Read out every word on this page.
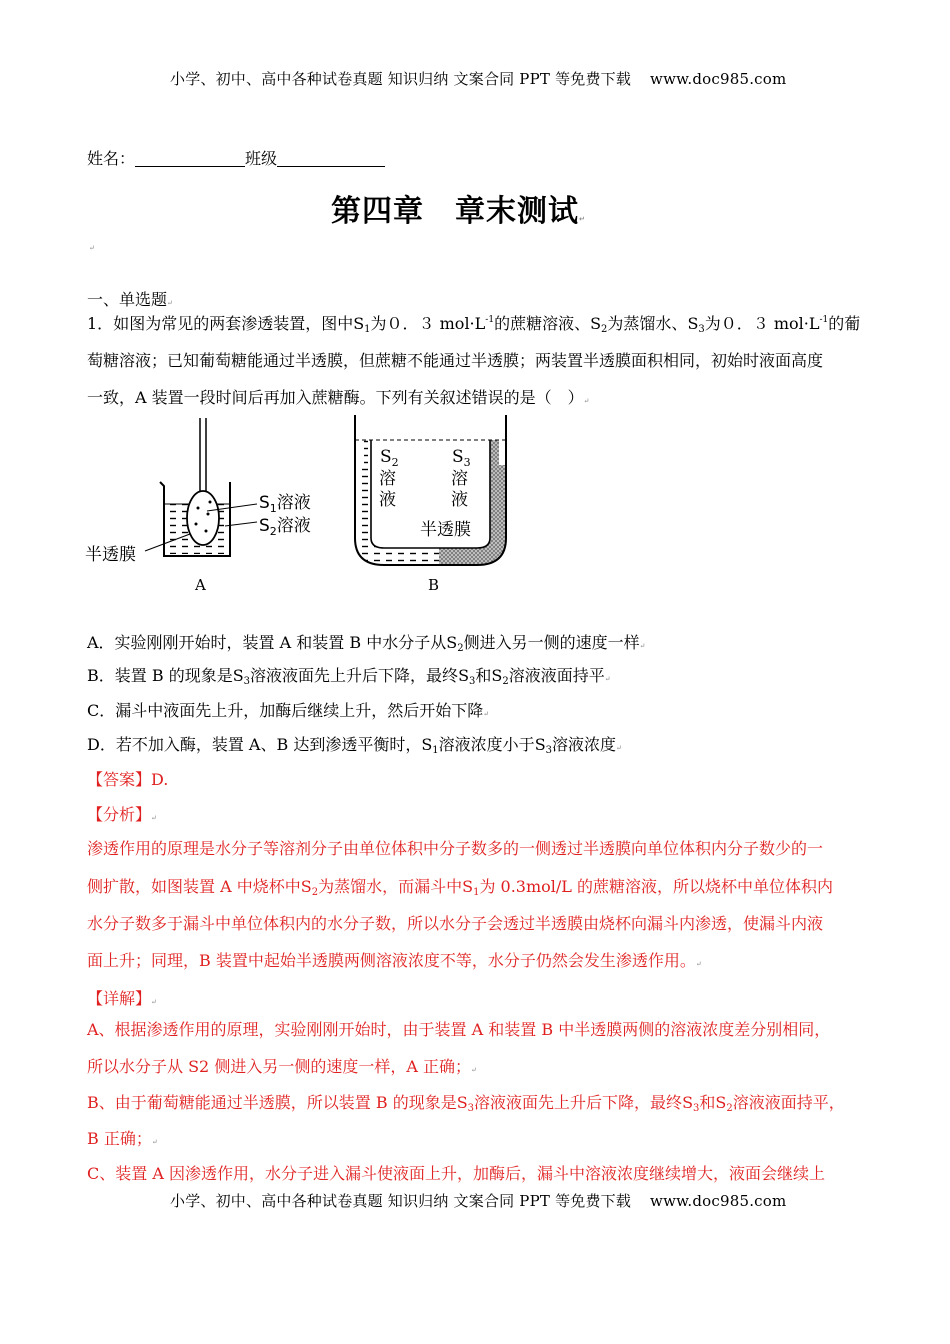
小学、初中、高中各种试卷真题 知识归纳 文案合同 PPT 等免费下载 www.doc985.com
姓名：	班级
第四章　章末测试↵
↵
一、单选题↵
1．如图为常见的两套渗透装置，图中$S_1$为０．３ $mol\cdot L^{-1}$的蔗糖溶液、$S_2$为蒸馏水、$S_3$为０．３ $mol\cdot L^{-1}$的葡
萄糖溶液；已知葡萄糖能通过半透膜，但蔗糖不能通过半透膜；两装置半透膜面积相同，初始时液面高度
一致，A 装置一段时间后再加入蔗糖酶。下列有关叙述错误的是（　）↵
$S_1$溶液
$S_2$溶液
半透膜
A
$S_2$
溶
液
$S_3$
溶
液
半透膜
B
A．实验刚刚开始时，装置 A 和装置 B 中水分子从$S_2$侧进入另一侧的速度一样↵
B．装置 B 的现象是$S_3$溶液液面先上升后下降，最终$S_3$和$S_2$溶液液面持平↵
C．漏斗中液面先上升，加酶后继续上升，然后开始下降↵
D．若不加入酶，装置 A、B 达到渗透平衡时，$S_1$溶液浓度小于$S_3$溶液浓度↵
【答案】D.
【分析】↵
渗透作用的原理是水分子等溶剂分子由单位体积中分子数多的一侧透过半透膜向单位体积内分子数少的一
侧扩散，如图装置 A 中烧杯中$S_2$为蒸馏水，而漏斗中$S_1$为 0.3mol/L 的蔗糖溶液，所以烧杯中单位体积内
水分子数多于漏斗中单位体积内的水分子数，所以水分子会透过半透膜由烧杯向漏斗内渗透，使漏斗内液
面上升；同理，B 装置中起始半透膜两侧溶液浓度不等，水分子仍然会发生渗透作用。↵
【详解】↵
A、根据渗透作用的原理，实验刚刚开始时，由于装置 A 和装置 B 中半透膜两侧的溶液浓度差分别相同，
所以水分子从 S2 侧进入另一侧的速度一样，A 正确；↵
B、由于葡萄糖能通过半透膜，所以装置 B 的现象是$S_3$溶液液面先上升后下降，最终$S_3$和$S_2$溶液液面持平，
B 正确；↵
C、装置 A 因渗透作用，水分子进入漏斗使液面上升，加酶后，漏斗中溶液浓度继续增大，液面会继续上
小学、初中、高中各种试卷真题 知识归纳 文案合同 PPT 等免费下载 www.doc985.com
